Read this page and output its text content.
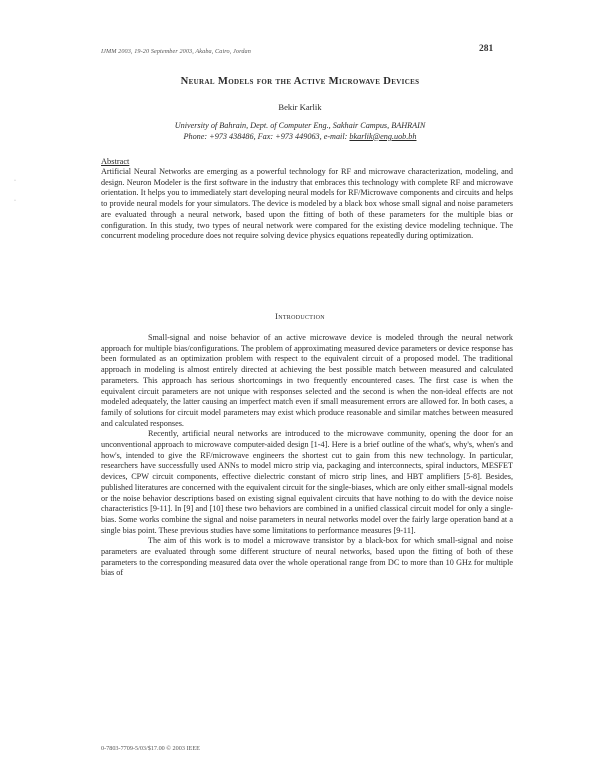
IJMM 2003, 19-20 September 2003, Akaba, Cairo, Jordan	281
Neural Models for the Active Microwave Devices
Bekir Karlik
University of Bahrain, Dept. of Computer Eng., Sakhair Campus, BAHRAIN
Phone: +973 438486, Fax: +973 449063, e-mail: bkarlik@eng.uob.bh
Abstract

Artificial Neural Networks are emerging as a powerful technology for RF and microwave characterization, modeling, and design. Neuron Modeler is the first software in the industry that embraces this technology with complete RF and microwave orientation. It helps you to immediately start developing neural models for RF/Microwave components and circuits and helps to provide neural models for your simulators. The device is modeled by a black box whose small signal and noise parameters are evaluated through a neural network, based upon the fitting of both of these parameters for the multiple bias or configuration. In this study, two types of neural network were compared for the existing device modeling technique. The concurrent modeling procedure does not require solving device physics equations repeatedly during optimization.

Introduction

Small-signal and noise behavior of an active microwave device is modeled through the neural network approach for multiple bias/configurations. The problem of approximating measured device parameters or device response has been formulated as an optimization problem with respect to the equivalent circuit of a proposed model. The traditional approach in modeling is almost entirely directed at achieving the best possible match between measured and calculated parameters. This approach has serious shortcomings in two frequently encountered cases. The first case is when the equivalent circuit parameters are not unique with responses selected and the second is when the non-ideal effects are not modeled adequately, the latter causing an imperfect match even if small measurement errors are allowed for. In both cases, a family of solutions for circuit model parameters may exist which produce reasonable and similar matches between measured and calculated responses.

Recently, artificial neural networks are introduced to the microwave community, opening the door for an unconventional approach to microwave computer-aided design [1-4]. Here is a brief outline of the what's, why's, when's and how's, intended to give the RF/microwave engineers the shortest cut to gain from this new technology. In particular, researchers have successfully used ANNs to model micro strip via, packaging and interconnects, spiral inductors, MESFET devices, CPW circuit components, effective dielectric constant of micro strip lines, and HBT amplifiers [5-8]. Besides, published literatures are concerned with the equivalent circuit for the single-biases, which are only either small-signal models or the noise behavior descriptions based on existing signal equivalent circuits that have nothing to do with the device noise characteristics [9-11]. In [9] and [10] these two behaviors are combined in a unified classical circuit model for only a single-bias. Some works combine the signal and noise parameters in neural networks model over the fairly large operation band at a single bias point. These previous studies have some limitations to performance measures [9-11].

The aim of this work is to model a microwave transistor by a black-box for which small-signal and noise parameters are evaluated through some different structure of neural networks, based upon the fitting of both of these parameters to the corresponding measured data over the whole operational range from DC to more than 10 GHz for multiple bias of

0-7803-7709-5/03/$17.00 © 2003 IEEE
·
·
